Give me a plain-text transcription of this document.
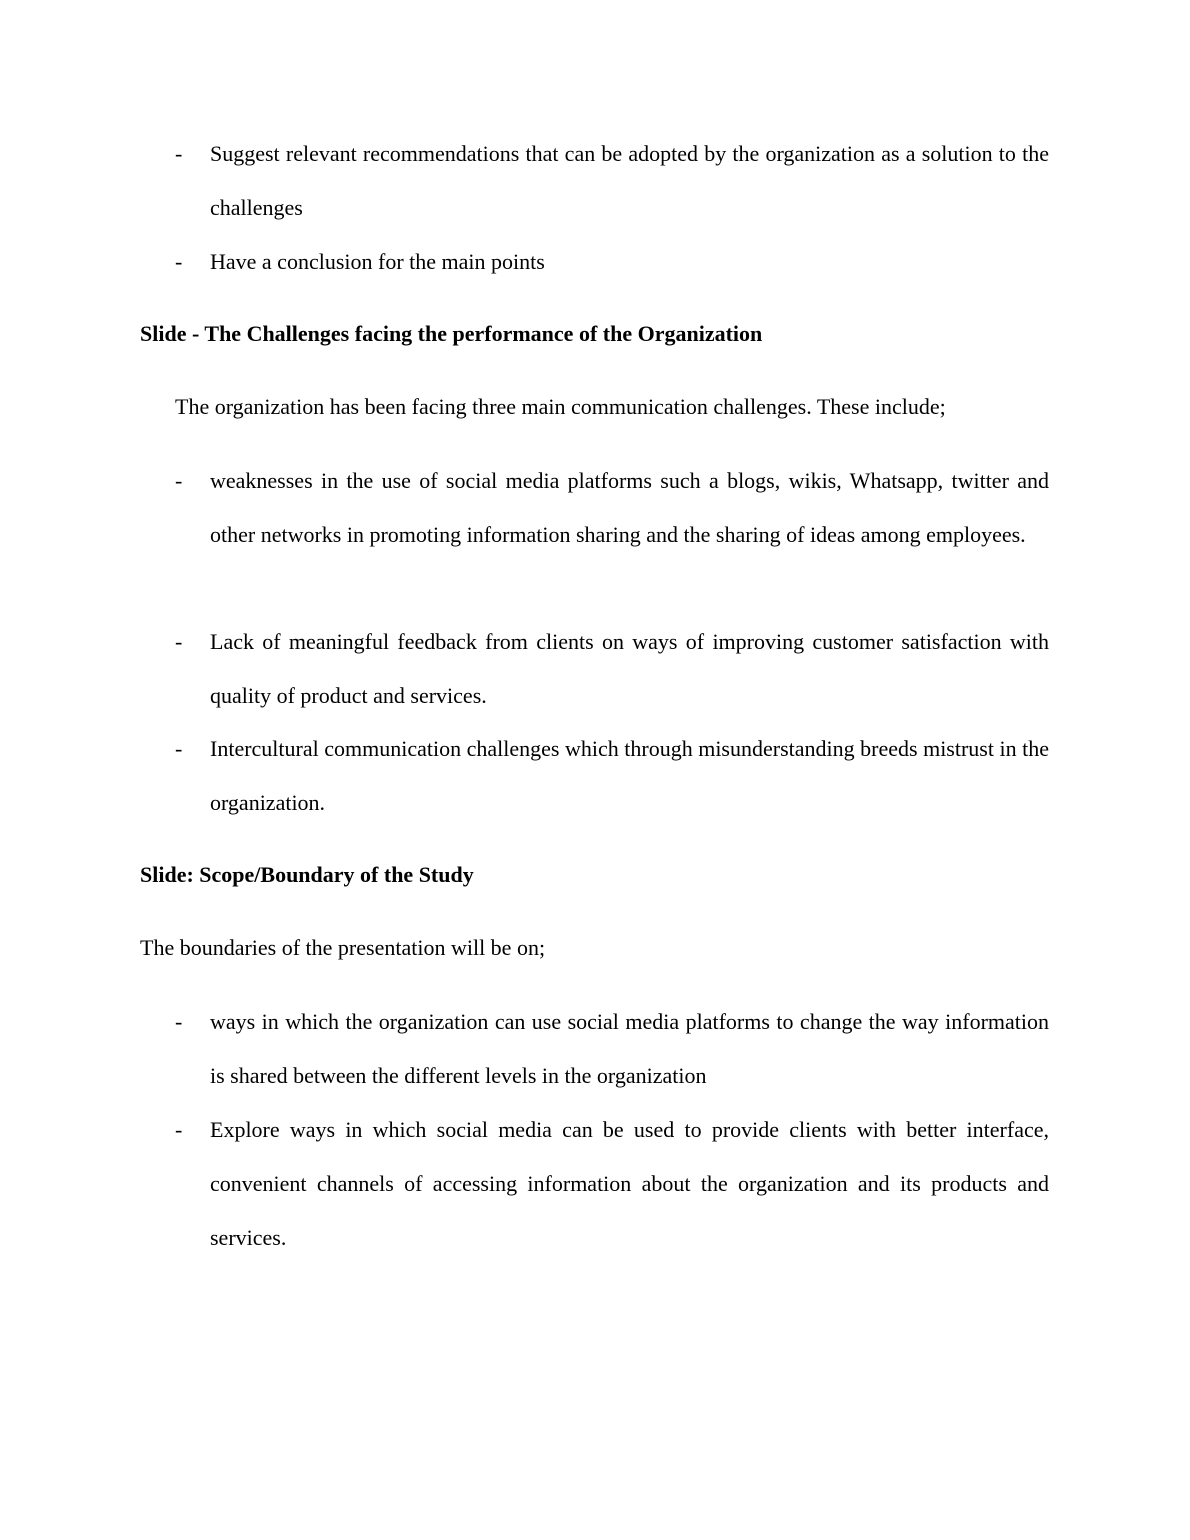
- Suggest relevant recommendations that can be adopted by the organization as a solution to the challenges
- Have a conclusion for the main points
Slide - The Challenges facing the performance of the Organization
The organization has been facing three main communication challenges. These include;
- weaknesses in the use of social media platforms such a blogs, wikis, Whatsapp, twitter and other networks in promoting information sharing and the sharing of ideas among employees.
- Lack of meaningful feedback from clients on ways of improving customer satisfaction with quality of product and services.
- Intercultural communication challenges which through misunderstanding breeds mistrust in the organization.
Slide: Scope/Boundary of the Study
The boundaries of the presentation will be on;
- ways in which the organization can use social media platforms to change the way information is shared between the different levels in the organization
- Explore ways in which social media can be used to provide clients with better interface, convenient channels of accessing information about the organization and its products and services.
